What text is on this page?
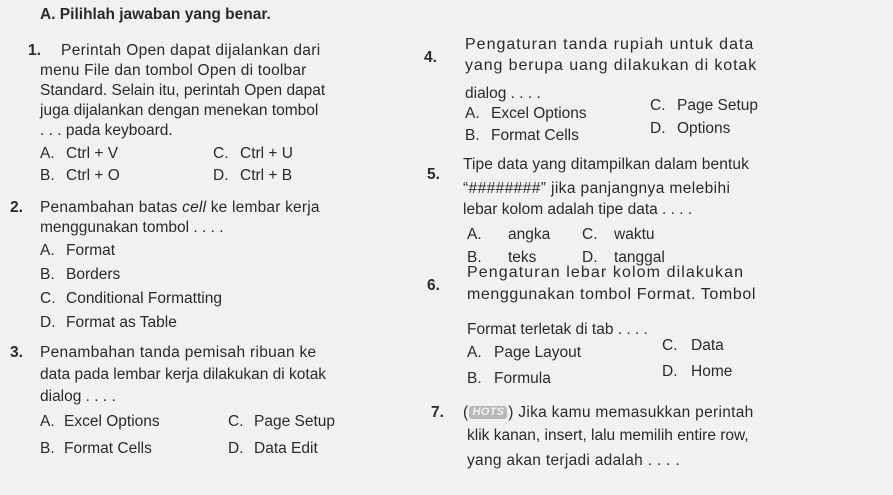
A. Pilihlah jawaban yang benar.
1. Perintah Open dapat dijalankan dari
menu File dan tombol Open di toolbar
Standard. Selain itu, perintah Open dapat
juga dijalankan dengan menekan tombol
. . . pada keyboard.
A. Ctrl + V	C. Ctrl + U
B. Ctrl + O	D. Ctrl + B
2. Penambahan batas cell ke lembar kerja
menggunakan tombol . . . .
A. Format
B. Borders
C. Conditional Formatting
D. Format as Table
3. Penambahan tanda pemisah ribuan ke
data pada lembar kerja dilakukan di kotak
dialog . . . .
A. Excel Options	C. Page Setup
B. Format Cells	D. Data Edit
4.
Pengaturan tanda rupiah untuk data
yang berupa uang dilakukan di kotak
dialog . . . .
A. Excel Options	C. Page Setup
B. Format Cells	D. Options
5.
Tipe data yang ditampilkan dalam bentuk
“########” jika panjangnya melebihi
lebar kolom adalah tipe data . . . .
A. angka C. waktu
B. teks	D. tanggal
6.
Pengaturan lebar kolom dilakukan
menggunakan tombol Format. Tombol
Format terletak di tab . . . .
A. Page Layout	C. Data
B. Formula	D. Home
7. ( HOTS ) Jika kamu memasukkan perintah
klik kanan, insert, lalu memilih entire row,
yang akan terjadi adalah . . . .
